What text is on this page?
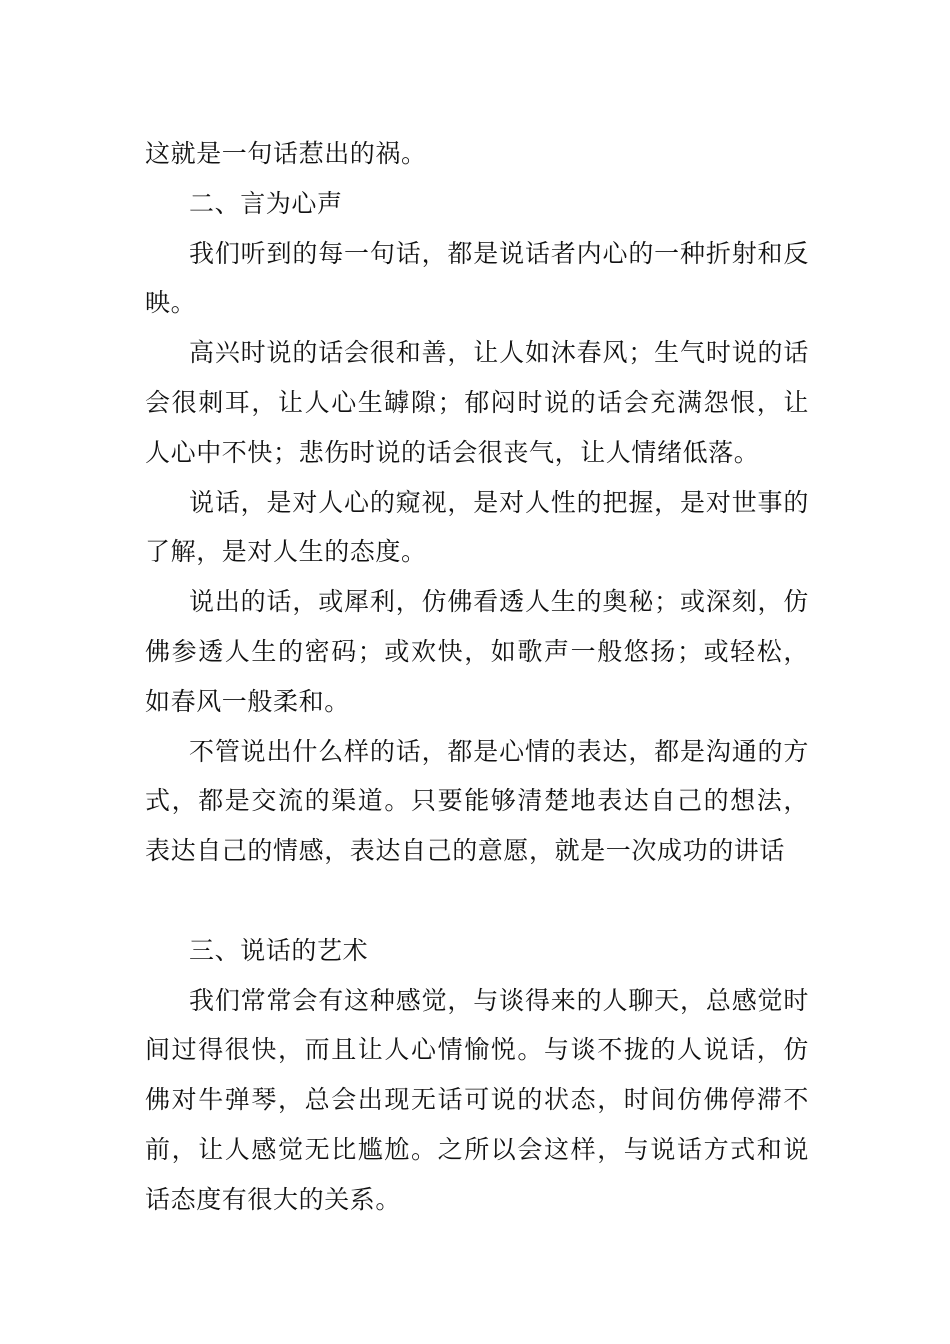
这就是一句话惹出的祸。

二、言为心声

我们听到的每一句话，都是说话者内心的一种折射和反映。

高兴时说的话会很和善，让人如沐春风；生气时说的话会很刺耳，让人心生罅隙；郁闷时说的话会充满怨恨，让人心中不快；悲伤时说的话会很丧气，让人情绪低落。

说话，是对人心的窥视，是对人性的把握，是对世事的了解，是对人生的态度。

说出的话，或犀利，仿佛看透人生的奥秘；或深刻，仿佛参透人生的密码；或欢快，如歌声一般悠扬；或轻松，如春风一般柔和。

不管说出什么样的话，都是心情的表达，都是沟通的方式，都是交流的渠道。只要能够清楚地表达自己的想法，表达自己的情感，表达自己的意愿，就是一次成功的讲话

三、说话的艺术

我们常常会有这种感觉，与谈得来的人聊天，总感觉时间过得很快，而且让人心情愉悦。与谈不拢的人说话，仿佛对牛弹琴，总会出现无话可说的状态，时间仿佛停滞不前，让人感觉无比尴尬。之所以会这样，与说话方式和说话态度有很大的关系。
